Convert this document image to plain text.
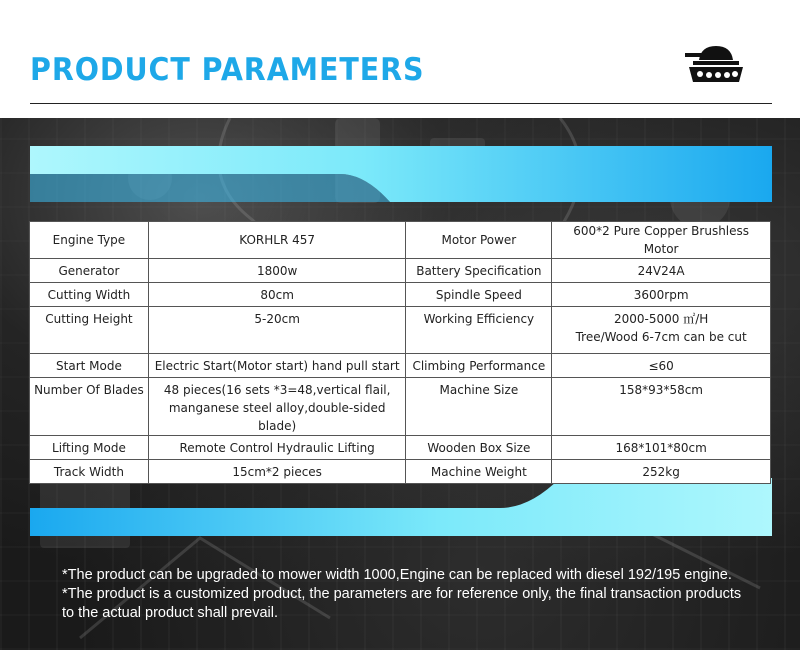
PRODUCT PARAMETERS
Engine Type	KORHLR 457	Motor Power	600*2 Pure Copper Brushless Motor
Generator	1800w	Battery Specification	24V24A
Cutting Width	80cm	Spindle Speed	3600rpm
Cutting Height	5-20cm	Working Efficiency	2000-5000 ㎡/H
Tree/Wood 6-7cm can be cut
Start Mode	Electric Start(Motor start) hand pull start	Climbing Performance	≤60
Number Of Blades	48 pieces(16 sets *3=48,vertical flail,
manganese steel alloy,double-sided blade)	Machine Size	158*93*58cm
Lifting Mode	Remote Control Hydraulic Lifting	Wooden Box Size	168*101*80cm
Track Width	15cm*2 pieces	Machine Weight	252kg
*The product can be upgraded to mower width 1000,Engine can be replaced with diesel 192/195 engine.
*The product is a customized product, the parameters are for reference only, the final transaction products
to the actual product shall prevail.
